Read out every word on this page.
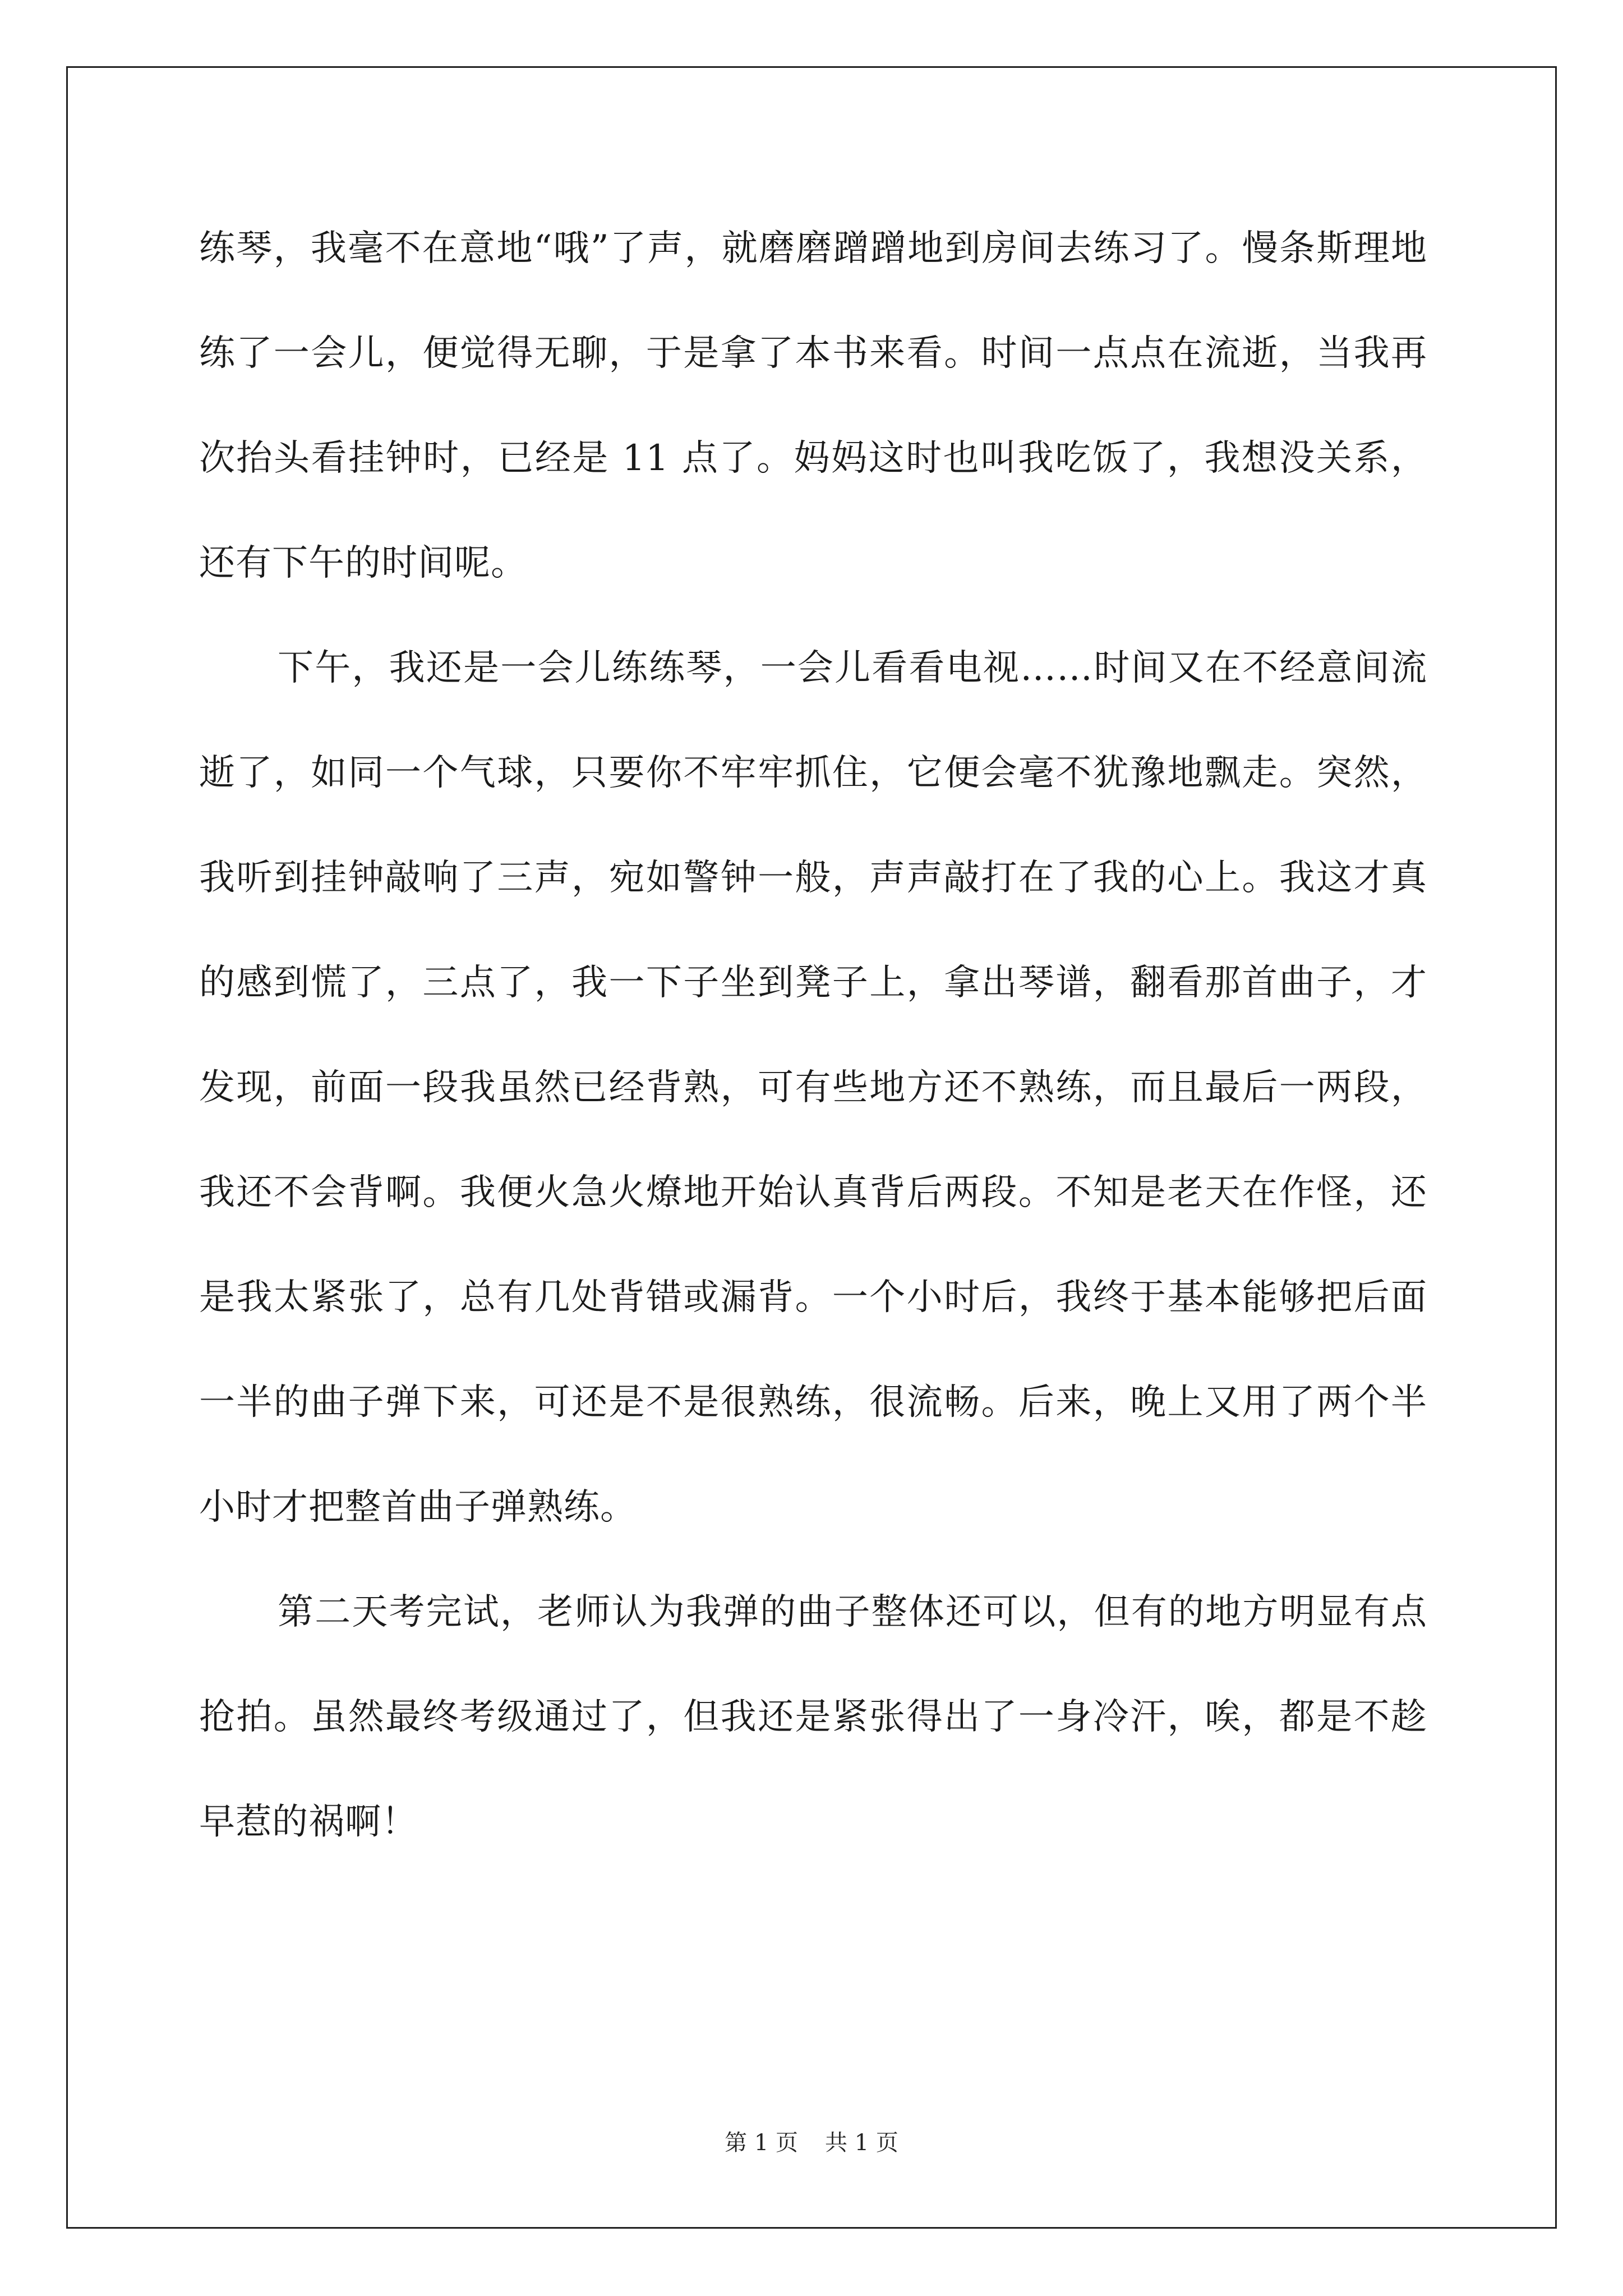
练琴，我毫不在意地“哦”了声，就磨磨蹭蹭地到房间去练习了。慢条斯理地练了一会儿，便觉得无聊，于是拿了本书来看。时间一点点在流逝，当我再次抬头看挂钟时，已经是 11 点了。妈妈这时也叫我吃饭了，我想没关系，还有下午的时间呢。

下午，我还是一会儿练练琴，一会儿看看电视……时间又在不经意间流逝了，如同一个气球，只要你不牢牢抓住，它便会毫不犹豫地飘走。突然，我听到挂钟敲响了三声，宛如警钟一般，声声敲打在了我的心上。我这才真的感到慌了，三点了，我一下子坐到凳子上，拿出琴谱，翻看那首曲子，才发现，前面一段我虽然已经背熟，可有些地方还不熟练，而且最后一两段，我还不会背啊。我便火急火燎地开始认真背后两段。不知是老天在作怪，还是我太紧张了，总有几处背错或漏背。一个小时后，我终于基本能够把后面一半的曲子弹下来，可还是不是很熟练，很流畅。后来，晚上又用了两个半小时才把整首曲子弹熟练。

第二天考完试，老师认为我弹的曲子整体还可以，但有的地方明显有点抢拍。虽然最终考级通过了，但我还是紧张得出了一身冷汗，唉，都是不趁早惹的祸啊！

第 1 页 共 1 页
